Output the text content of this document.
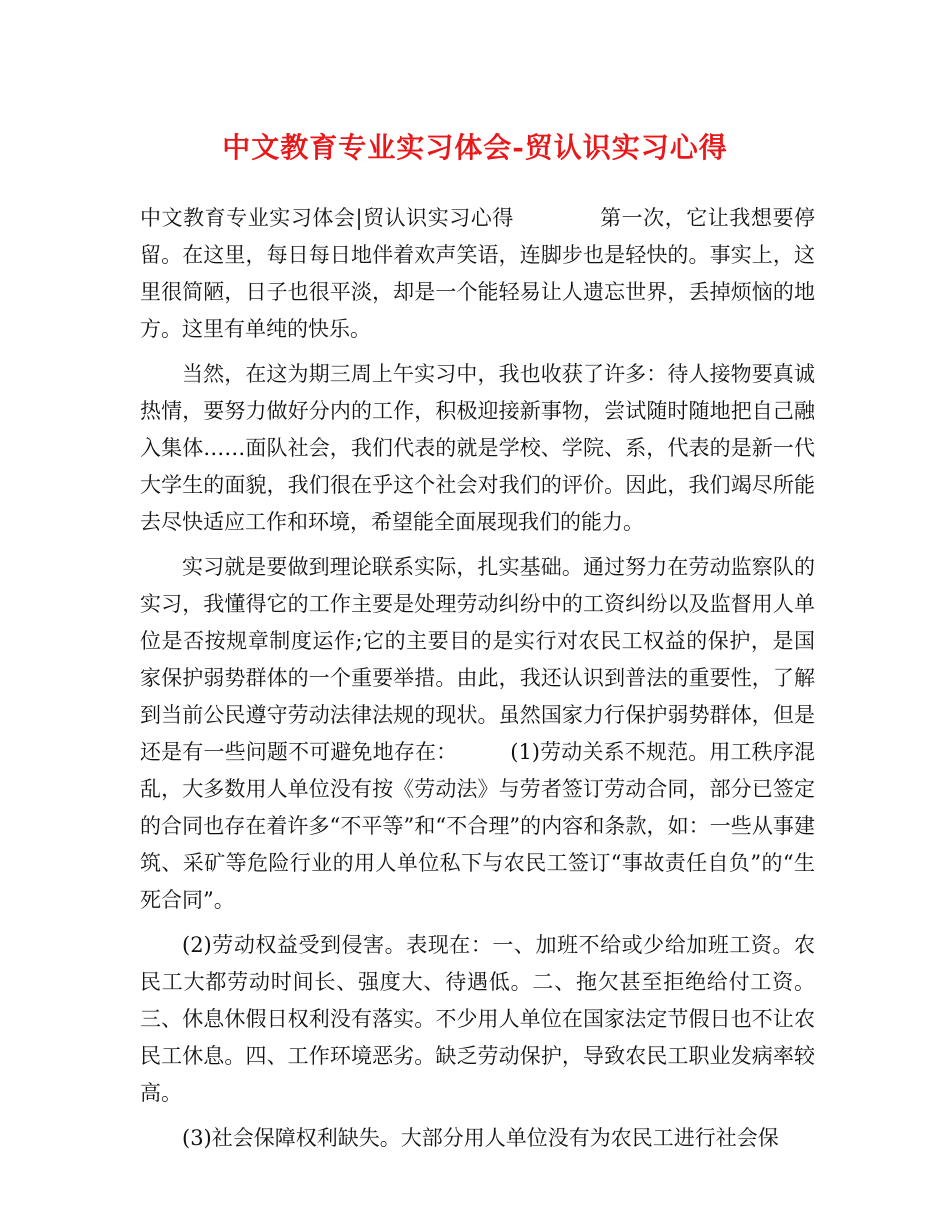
中文教育专业实习体会-贸认识实习心得

中文教育专业实习体会|贸认识实习心得　　　　第一次，它让我想要停留。在这里，每日每日地伴着欢声笑语，连脚步也是轻快的。事实上，这里很简陋，日子也很平淡，却是一个能轻易让人遗忘世界，丢掉烦恼的地方。这里有单纯的快乐。

当然，在这为期三周上午实习中，我也收获了许多：待人接物要真诚热情，要努力做好分内的工作，积极迎接新事物，尝试随时随地把自己融入集体……面队社会，我们代表的就是学校、学院、系，代表的是新一代大学生的面貌，我们很在乎这个社会对我们的评价。因此，我们竭尽所能去尽快适应工作和环境，希望能全面展现我们的能力。

实习就是要做到理论联系实际，扎实基础。通过努力在劳动监察队的实习，我懂得它的工作主要是处理劳动纠纷中的工资纠纷以及监督用人单位是否按规章制度运作;它的主要目的是实行对农民工权益的保护，是国家保护弱势群体的一个重要举措。由此，我还认识到普法的重要性，了解到当前公民遵守劳动法律法规的现状。虽然国家力行保护弱势群体，但是还是有一些问题不可避免地存在：　　　(1)劳动关系不规范。用工秩序混乱，大多数用人单位没有按《劳动法》与劳者签订劳动合同，部分已签定的合同也存在着许多“不平等”和“不合理”的内容和条款，如：一些从事建筑、采矿等危险行业的用人单位私下与农民工签订“事故责任自负”的“生死合同”。

(2)劳动权益受到侵害。表现在：一、加班不给或少给加班工资。农民工大都劳动时间长、强度大、待遇低。二、拖欠甚至拒绝给付工资。三、休息休假日权利没有落实。不少用人单位在国家法定节假日也不让农民工休息。四、工作环境恶劣。缺乏劳动保护，导致农民工职业发病率较高。

(3)社会保障权利缺失。大部分用人单位没有为农民工进行社会保
